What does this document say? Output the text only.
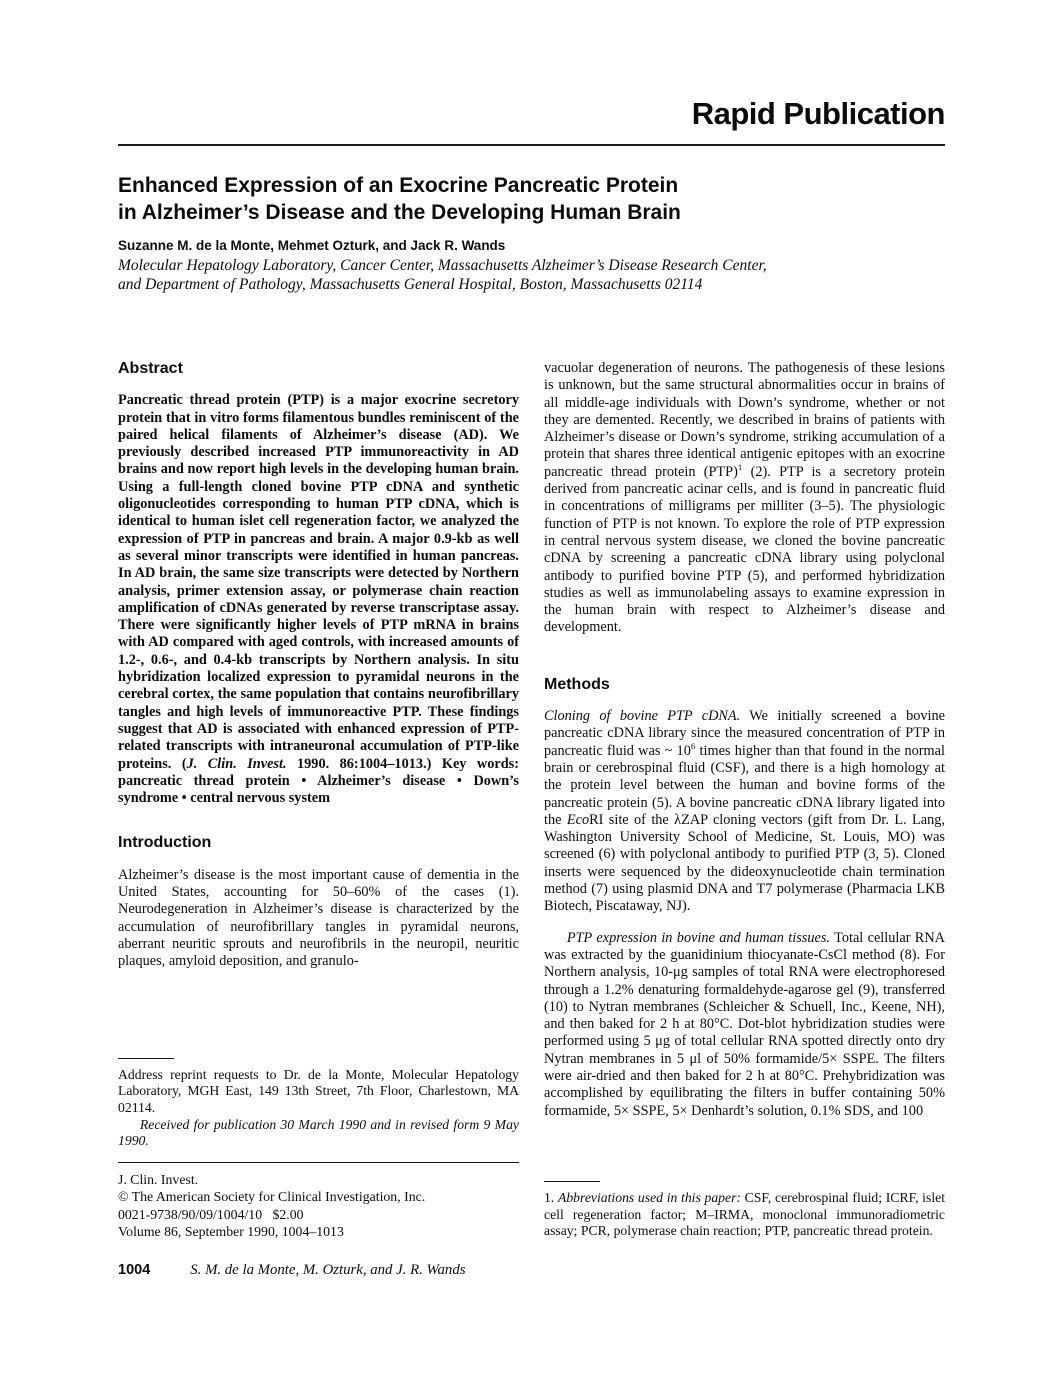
Rapid Publication
Enhanced Expression of an Exocrine Pancreatic Protein
in Alzheimer’s Disease and the Developing Human Brain
Suzanne M. de la Monte, Mehmet Ozturk, and Jack R. Wands
Molecular Hepatology Laboratory, Cancer Center, Massachusetts Alzheimer’s Disease Research Center,
and Department of Pathology, Massachusetts General Hospital, Boston, Massachusetts 02114
Abstract

Pancreatic thread protein (PTP) is a major exocrine secretory protein that in vitro forms filamentous bundles reminiscent of the paired helical filaments of Alzheimer’s disease (AD). We previously described increased PTP immunoreactivity in AD brains and now report high levels in the developing human brain. Using a full-length cloned bovine PTP cDNA and synthetic oligonucleotides corresponding to human PTP cDNA, which is identical to human islet cell regeneration factor, we analyzed the expression of PTP in pancreas and brain. A major 0.9-kb as well as several minor transcripts were identified in human pancreas. In AD brain, the same size transcripts were detected by Northern analysis, primer extension assay, or polymerase chain reaction amplification of cDNAs generated by reverse transcriptase assay. There were significantly higher levels of PTP mRNA in brains with AD compared with aged controls, with increased amounts of 1.2-, 0.6-, and 0.4-kb transcripts by Northern analysis. In situ hybridization localized expression to pyramidal neurons in the cerebral cortex, the same population that contains neurofibrillary tangles and high levels of immunoreactive PTP. These findings suggest that AD is associated with enhanced expression of PTP-related transcripts with intraneuronal accumulation of PTP-like proteins. (J. Clin. Invest. 1990. 86:1004–1013.) Key words: pancreatic thread protein • Alzheimer’s disease • Down’s syndrome • central nervous system

Introduction

Alzheimer’s disease is the most important cause of dementia in the United States, accounting for 50–60% of the cases (1). Neurodegeneration in Alzheimer’s disease is characterized by the accumulation of neurofibrillary tangles in pyramidal neurons, aberrant neuritic sprouts and neurofibrils in the neuropil, neuritic plaques, amyloid deposition, and granulo-

Address reprint requests to Dr. de la Monte, Molecular Hepatology Laboratory, MGH East, 149 13th Street, 7th Floor, Charlestown, MA 02114.

Received for publication 30 March 1990 and in revised form 9 May 1990.

J. Clin. Invest.

© The American Society for Clinical Investigation, Inc.

0021-9738/90/09/1004/10   $2.00

Volume 86, September 1990, 1004–1013

vacuolar degeneration of neurons. The pathogenesis of these lesions is unknown, but the same structural abnormalities occur in brains of all middle-age individuals with Down’s syndrome, whether or not they are demented. Recently, we described in brains of patients with Alzheimer’s disease or Down’s syndrome, striking accumulation of a protein that shares three identical antigenic epitopes with an exocrine pancreatic thread protein (PTP)$^1$ (2). PTP is a secretory protein derived from pancreatic acinar cells, and is found in pancreatic fluid in concentrations of milligrams per milliter (3–5). The physiologic function of PTP is not known. To explore the role of PTP expression in central nervous system disease, we cloned the bovine pancreatic cDNA by screening a pancreatic cDNA library using polyclonal antibody to purified bovine PTP (5), and performed hybridization studies as well as immunolabeling assays to examine expression in the human brain with respect to Alzheimer’s disease and development.

Methods

Cloning of bovine PTP cDNA. We initially screened a bovine pancreatic cDNA library since the measured concentration of PTP in pancreatic fluid was ~ $10^6$ times higher than that found in the normal brain or cerebrospinal fluid (CSF), and there is a high homology at the protein level between the human and bovine forms of the pancreatic protein (5). A bovine pancreatic cDNA library ligated into the EcoRI site of the λZAP cloning vectors (gift from Dr. L. Lang, Washington University School of Medicine, St. Louis, MO) was screened (6) with polyclonal antibody to purified PTP (3, 5). Cloned inserts were sequenced by the dideoxynucleotide chain termination method (7) using plasmid DNA and T7 polymerase (Pharmacia LKB Biotech, Piscataway, NJ).

PTP expression in bovine and human tissues. Total cellular RNA was extracted by the guanidinium thiocyanate-CsCl method (8). For Northern analysis, 10-μg samples of total RNA were electrophoresed through a 1.2% denaturing formaldehyde-agarose gel (9), transferred (10) to Nytran membranes (Schleicher & Schuell, Inc., Keene, NH), and then baked for 2 h at 80°C. Dot-blot hybridization studies were performed using 5 μg of total cellular RNA spotted directly onto dry Nytran membranes in 5 μl of 50% formamide/5× SSPE. The filters were air-dried and then baked for 2 h at 80°C. Prehybridization was accomplished by equilibrating the filters in buffer containing 50% formamide, 5× SSPE, 5× Denhardt’s solution, 0.1% SDS, and 100

1. Abbreviations used in this paper: CSF, cerebrospinal fluid; ICRF, islet cell regeneration factor; M–IRMA, monoclonal immunoradiometric assay; PCR, polymerase chain reaction; PTP, pancreatic thread protein.

1004	S. M. de la Monte, M. Ozturk, and J. R. Wands
